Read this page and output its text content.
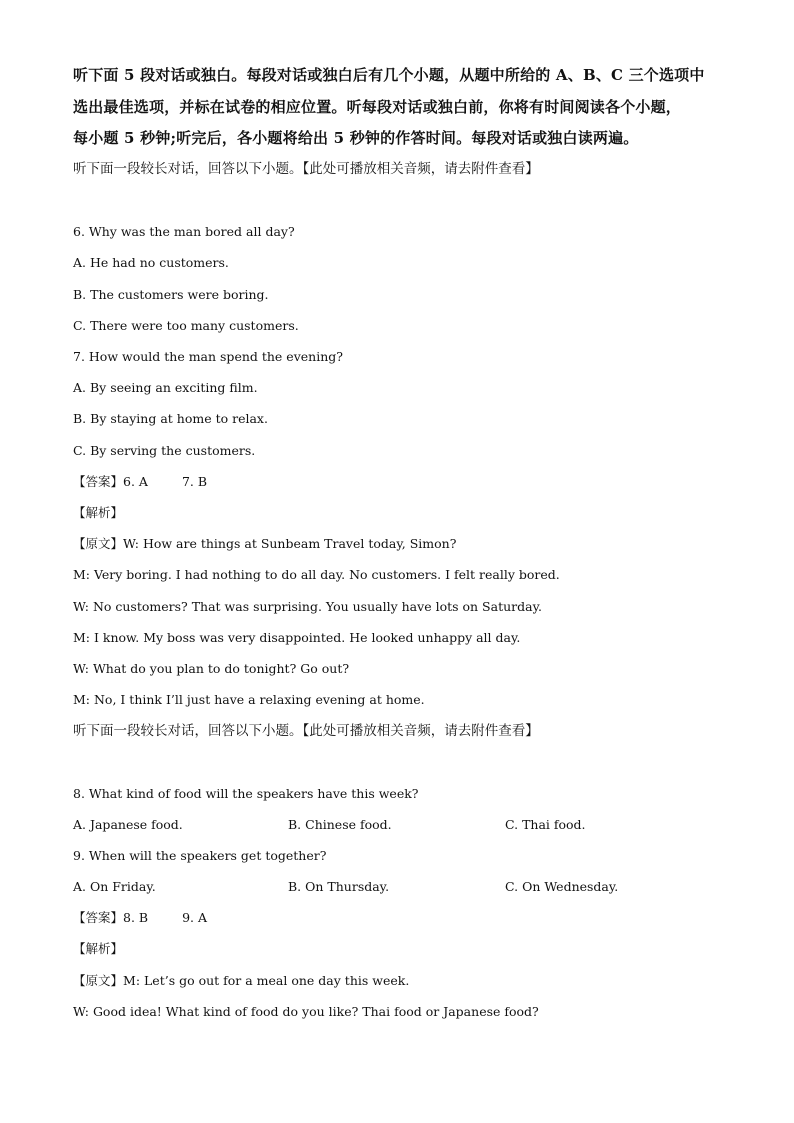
听下面 5 段对话或独白。每段对话或独白后有几个小题，从题中所给的 A、B、C 三个选项中
选出最佳选项，并标在试卷的相应位置。听每段对话或独白前，你将有时间阅读各个小题，
每小题 5 秒钟;听完后，各小题将给出 5 秒钟的作答时间。每段对话或独白读两遍。
听下面一段较长对话，回答以下小题。【此处可播放相关音频，请去附件查看】
6. Why was the man bored all day?
A. He had no customers.
B. The customers were boring.
C. There were too many customers.
7. How would the man spend the evening?
A. By seeing an exciting film.
B. By staying at home to relax.
C. By serving the customers.
【答案】6. A	7. B
【解析】
【原文】W: How are things at Sunbeam Travel today, Simon?
M: Very boring. I had nothing to do all day. No customers. I felt really bored.
W: No customers? That was surprising. You usually have lots on Saturday.
M: I know. My boss was very disappointed. He looked unhappy all day.
W: What do you plan to do tonight? Go out?
M: No, I think I’ll just have a relaxing evening at home.
听下面一段较长对话，回答以下小题。【此处可播放相关音频，请去附件查看】
8. What kind of food will the speakers have this week?
A. Japanese food.	B. Chinese food.	C. Thai food.
9. When will the speakers get together?
A. On Friday.	B. On Thursday.	C. On Wednesday.
【答案】8. B	9. A
【解析】
【原文】M: Let’s go out for a meal one day this week.
W: Good idea! What kind of food do you like? Thai food or Japanese food?
